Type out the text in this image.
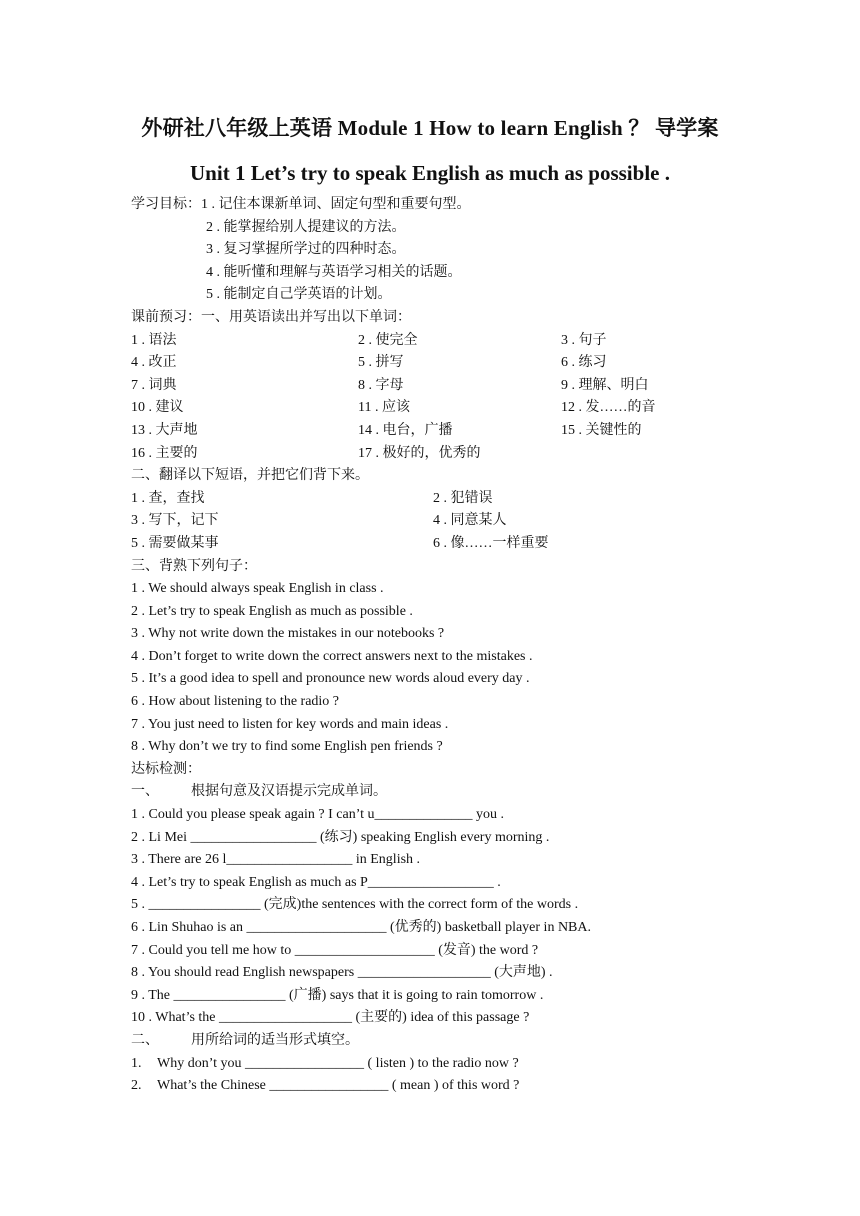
外研社八年级上英语 Module 1 How to learn English ？ 导学案
Unit 1 Let’s try to speak English as much as possible .
学习目标：1 . 记住本课新单词、固定句型和重要句型。
2 . 能掌握给别人提建议的方法。
3 . 复习掌握所学过的四种时态。
4 . 能听懂和理解与英语学习相关的话题。
5 . 能制定自己学英语的计划。
课前预习：一、用英语读出并写出以下单词：
1 . 语法	2 . 使完全	3 . 句子
4 . 改正	5 . 拼写	6 . 练习
7 . 词典	8 . 字母	9 . 理解、明白
10 . 建议	11 . 应该	12 . 发……的音
13 . 大声地	14 . 电台，广播	15 . 关键性的
16 . 主要的	17 . 极好的，优秀的
二、翻译以下短语，并把它们背下来。
1 . 查，查找	2 . 犯错误
3 . 写下，记下	4 . 同意某人
5 . 需要做某事	6 . 像……一样重要
三、背熟下列句子：
1 . We should always speak English in class .
2 . Let’s try to speak English as much as possible .
3 . Why not write down the mistakes in our notebooks ?
4 . Don’t forget to write down the correct answers next to the mistakes .
5 . It’s a good idea to spell and pronounce new words aloud every day .
6 . How about listening to the radio ?
7 . You just need to listen for key words and main ideas .
8 . Why don’t we try to find some English pen friends ?
达标检测：
一、 根据句意及汉语提示完成单词。
1 . Could you please speak again ? I can’t u______________ you .
2 . Li Mei __________________ (练习) speaking English every morning .
3 . There are 26 l__________________ in English .
4 . Let’s try to speak English as much as P__________________ .
5 . ________________ (完成)the sentences with the correct form of the words .
6 . Lin Shuhao is an ____________________ (优秀的) basketball player in NBA.
7 . Could you tell me how to ____________________ (发音) the word ?
8 . You should read English newspapers ___________________ (大声地) .
9 . The ________________ (广播) says that it is going to rain tomorrow .
10 . What’s the ___________________ (主要的) idea of this passage ?
二、 用所给词的适当形式填空。
1. Why don’t you _________________ ( listen ) to the radio now ?
2. What’s the Chinese _________________ ( mean ) of this word ?
